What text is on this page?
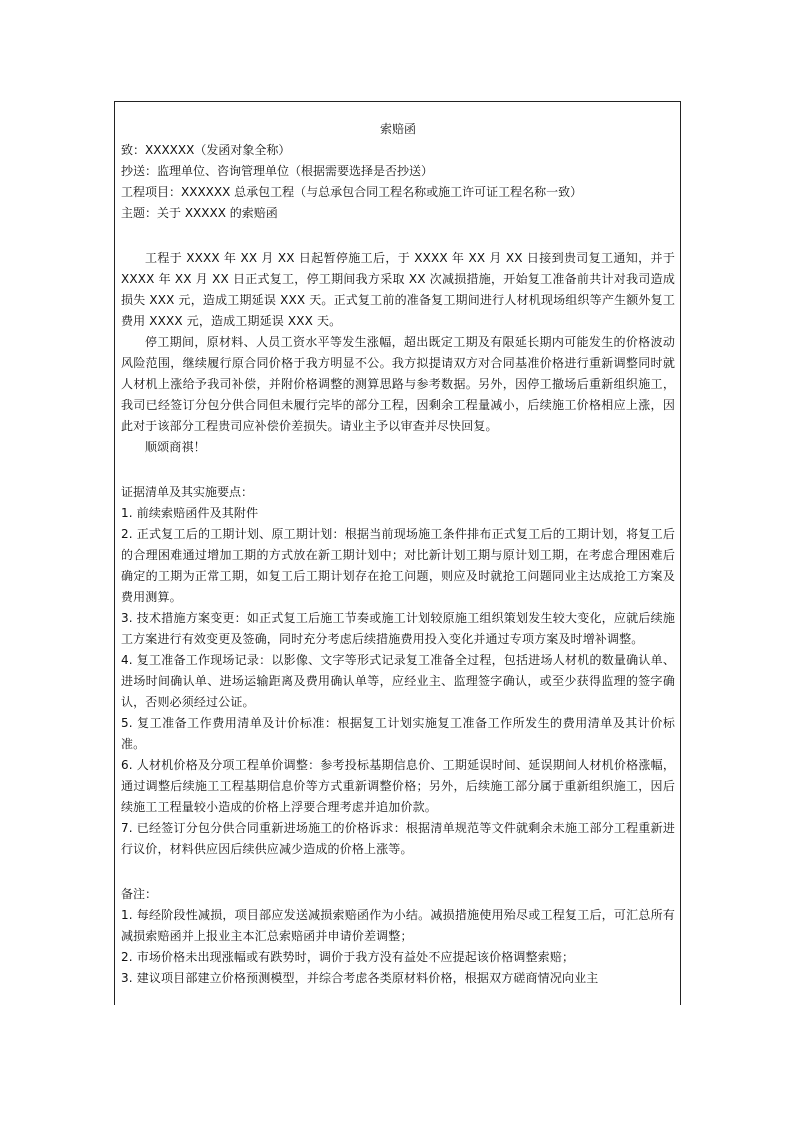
索赔函

致：XXXXXX（发函对象全称）

抄送：监理单位、咨询管理单位（根据需要选择是否抄送）

工程项目：XXXXXX 总承包工程（与总承包合同工程名称或施工许可证工程名称一致）

主题：关于 XXXXX 的索赔函

工程于 XXXX 年 XX 月 XX 日起暂停施工后，于 XXXX 年 XX 月 XX 日接到贵司复工通知，并于 XXXX 年 XX 月 XX 日正式复工，停工期间我方采取 XX 次减损措施，开始复工准备前共计对我司造成损失 XXX 元，造成工期延误 XXX 天。正式复工前的准备复工期间进行人材机现场组织等产生额外复工费用 XXXX 元，造成工期延误 XXX 天。

停工期间，原材料、人员工资水平等发生涨幅，超出既定工期及有限延长期内可能发生的价格波动风险范围，继续履行原合同价格于我方明显不公。我方拟提请双方对合同基准价格进行重新调整同时就人材机上涨给予我司补偿，并附价格调整的测算思路与参考数据。另外，因停工撤场后重新组织施工，我司已经签订分包分供合同但未履行完毕的部分工程，因剩余工程量减小，后续施工价格相应上涨，因此对于该部分工程贵司应补偿价差损失。请业主予以审查并尽快回复。

顺颂商祺！

证据清单及其实施要点：

1. 前续索赔函件及其附件

2. 正式复工后的工期计划、原工期计划：根据当前现场施工条件排布正式复工后的工期计划，将复工后的合理困难通过增加工期的方式放在新工期计划中；对比新计划工期与原计划工期，在考虑合理困难后确定的工期为正常工期，如复工后工期计划存在抢工问题，则应及时就抢工问题同业主达成抢工方案及费用测算。

3. 技术措施方案变更：如正式复工后施工节奏或施工计划较原施工组织策划发生较大变化，应就后续施工方案进行有效变更及签确，同时充分考虑后续措施费用投入变化并通过专项方案及时增补调整。

4. 复工准备工作现场记录：以影像、文字等形式记录复工准备全过程，包括进场人材机的数量确认单、进场时间确认单、进场运输距离及费用确认单等，应经业主、监理签字确认，或至少获得监理的签字确认，否则必须经过公证。

5. 复工准备工作费用清单及计价标准：根据复工计划实施复工准备工作所发生的费用清单及其计价标准。

6. 人材机价格及分项工程单价调整：参考投标基期信息价、工期延误时间、延误期间人材机价格涨幅，通过调整后续施工工程基期信息价等方式重新调整价格；另外，后续施工部分属于重新组织施工，因后续施工工程量较小造成的价格上浮要合理考虑并追加价款。

7. 已经签订分包分供合同重新进场施工的价格诉求：根据清单规范等文件就剩余未施工部分工程重新进行议价，材料供应因后续供应减少造成的价格上涨等。

备注：

1. 每经阶段性减损，项目部应发送减损索赔函作为小结。减损措施使用殆尽或工程复工后，可汇总所有减损索赔函并上报业主本汇总索赔函并申请价差调整；

2. 市场价格未出现涨幅或有跌势时，调价于我方没有益处不应提起该价格调整索赔；

3. 建议项目部建立价格预测模型，并综合考虑各类原材料价格，根据双方磋商情况向业主
